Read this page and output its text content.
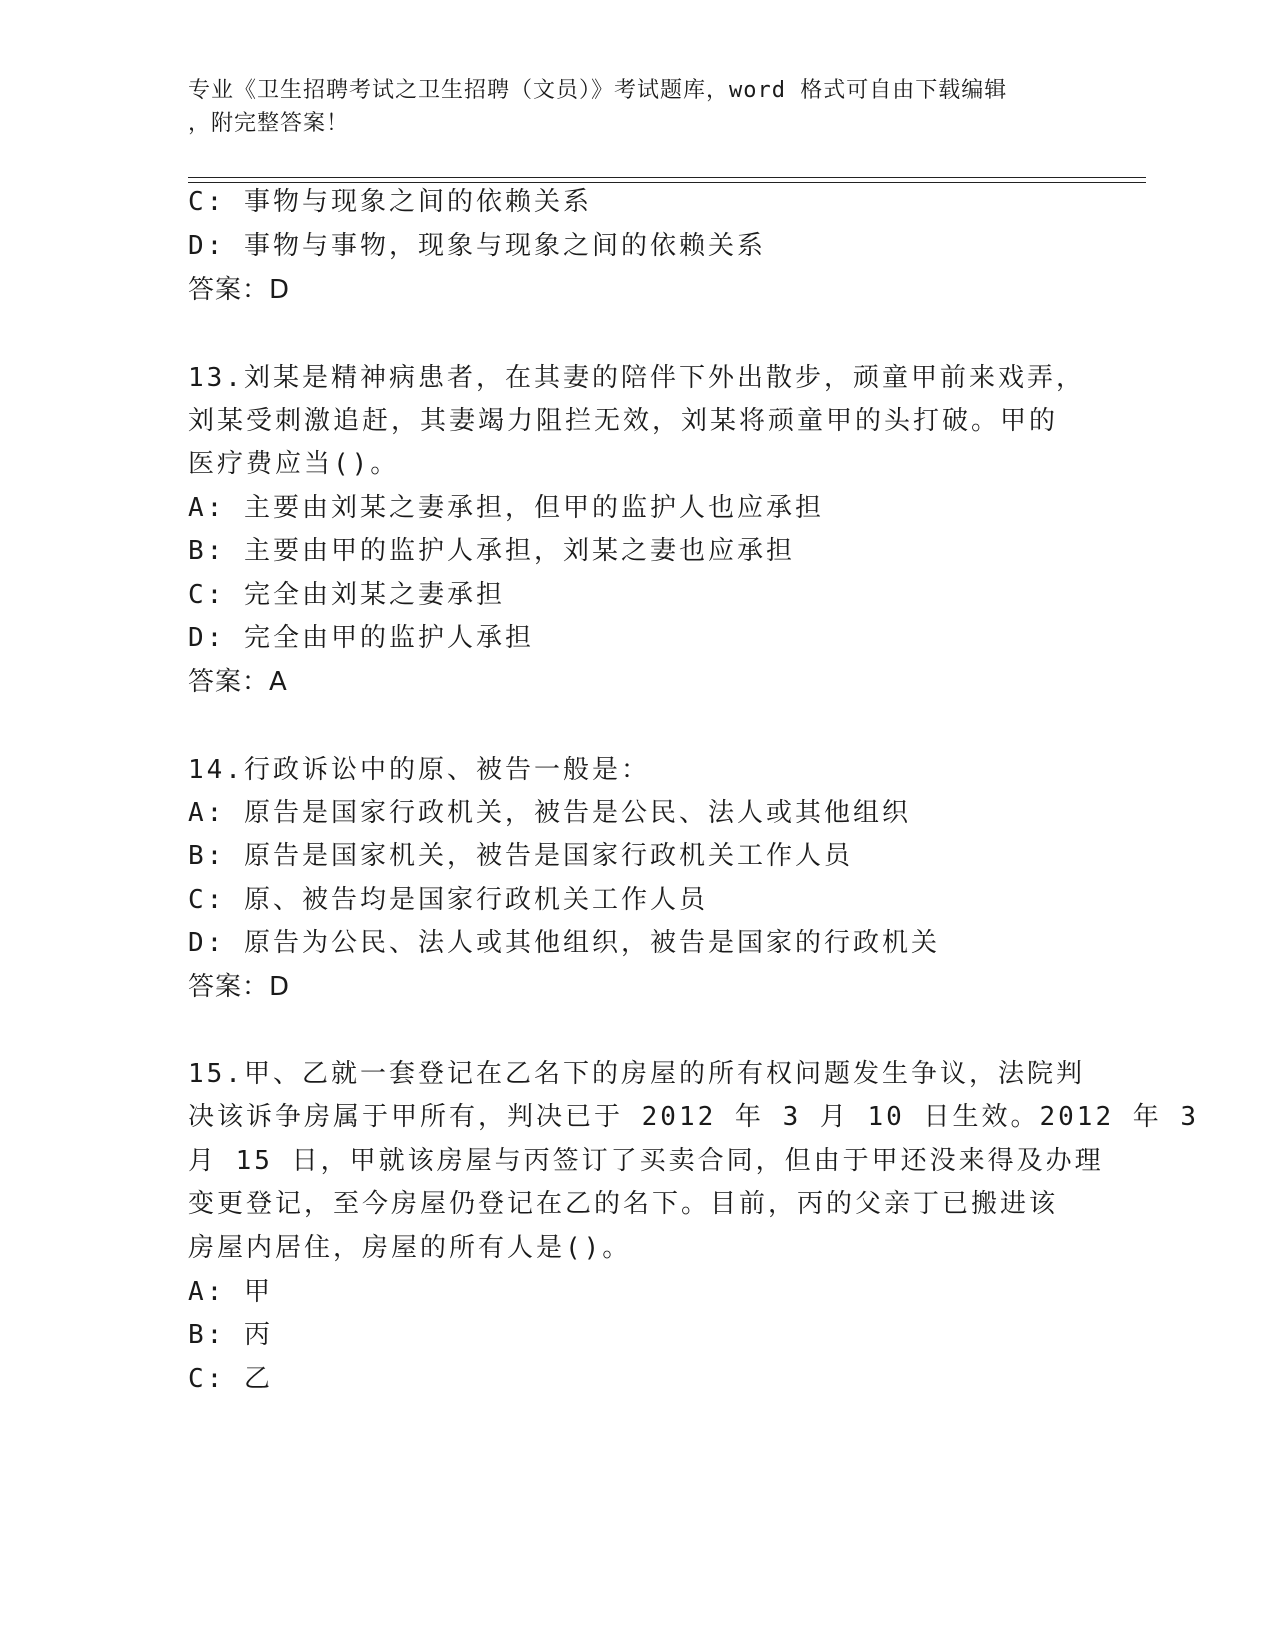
专业《卫生招聘考试之卫生招聘（文员）》考试题库，word 格式可自由下载编辑
，附完整答案！
C: 事物与现象之间的依赖关系
D: 事物与事物，现象与现象之间的依赖关系
答案：D
13.刘某是精神病患者，在其妻的陪伴下外出散步，顽童甲前来戏弄，
刘某受刺激追赶，其妻竭力阻拦无效，刘某将顽童甲的头打破。甲的
医疗费应当()。
A: 主要由刘某之妻承担，但甲的监护人也应承担
B: 主要由甲的监护人承担，刘某之妻也应承担
C: 完全由刘某之妻承担
D: 完全由甲的监护人承担
答案：A
14.行政诉讼中的原、被告一般是：
A: 原告是国家行政机关，被告是公民、法人或其他组织
B: 原告是国家机关，被告是国家行政机关工作人员
C: 原、被告均是国家行政机关工作人员
D: 原告为公民、法人或其他组织，被告是国家的行政机关
答案：D
15.甲、乙就一套登记在乙名下的房屋的所有权问题发生争议，法院判
决该诉争房属于甲所有，判决已于 2012 年 3 月 10 日生效。2012 年 3
月 15 日，甲就该房屋与丙签订了买卖合同，但由于甲还没来得及办理
变更登记，至今房屋仍登记在乙的名下。目前，丙的父亲丁已搬进该
房屋内居住，房屋的所有人是()。
A: 甲
B: 丙
C: 乙
